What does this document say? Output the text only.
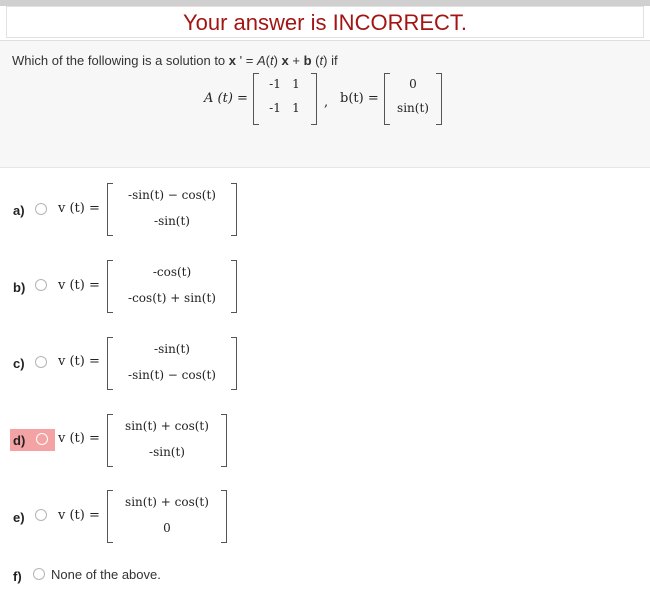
Your answer is INCORRECT.
Which of the following is a solution to x ' = A(t) x + b (t) if
A (t) =
-1 1
-1 1	, b(t) =
0
sin(t)
a)	v (t) =
-sin(t) − cos(t)
-sin(t)
b)	v (t) =
-cos(t)
-cos(t) + sin(t)
c)	v (t) =
-sin(t)
-sin(t) − cos(t)
d)	v (t) =
sin(t) + cos(t)
-sin(t)
e)	v (t) =
sin(t) + cos(t)
0
f) None of the above.
